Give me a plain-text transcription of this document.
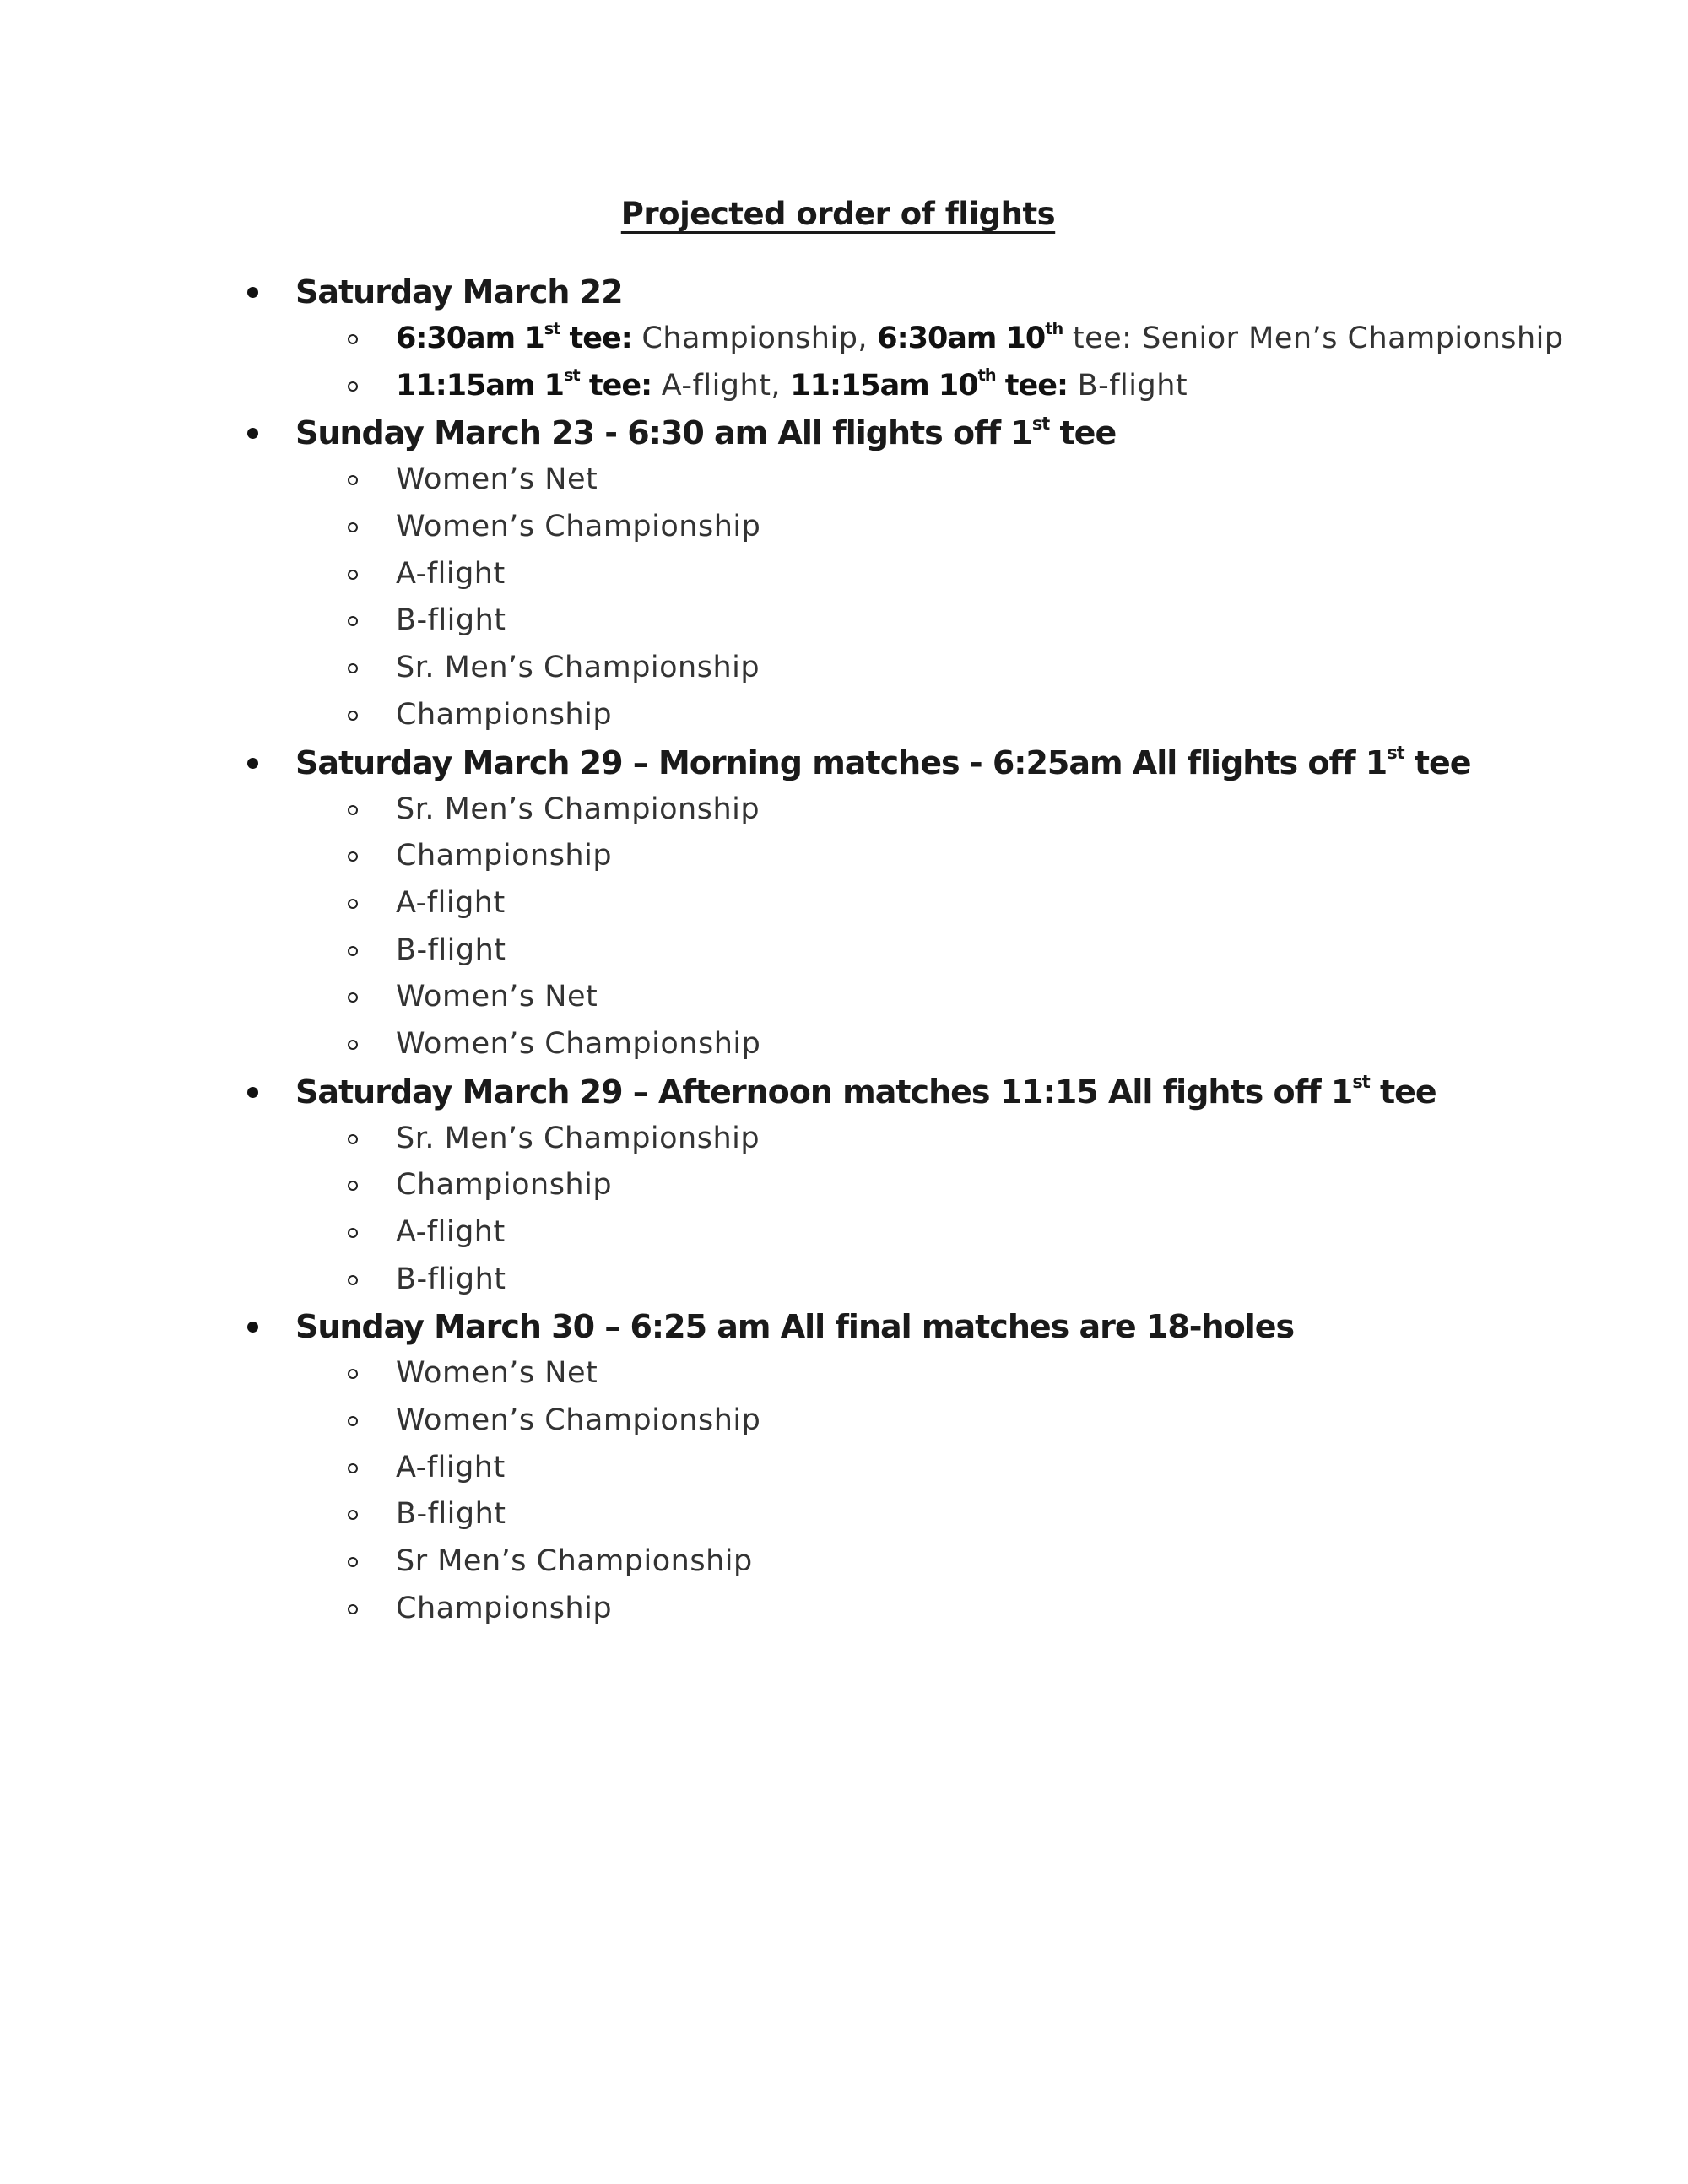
Projected order of flights
Saturday March 22
6:30am 1st tee: Championship, 6:30am 10th tee: Senior Men’s Championship
11:15am 1st tee: A-flight, 11:15am 10th tee: B-flight
Sunday March 23 - 6:30 am All flights off 1st tee
Women’s Net
Women’s Championship
A-flight
B-flight
Sr. Men’s Championship
Championship
Saturday March 29 – Morning matches - 6:25am All flights off 1st tee
Sr. Men’s Championship
Championship
A-flight
B-flight
Women’s Net
Women’s Championship
Saturday March 29 – Afternoon matches 11:15 All fights off 1st tee
Sr. Men’s Championship
Championship
A-flight
B-flight
Sunday March 30 – 6:25 am All final matches are 18-holes
Women’s Net
Women’s Championship
A-flight
B-flight
Sr Men’s Championship
Championship
